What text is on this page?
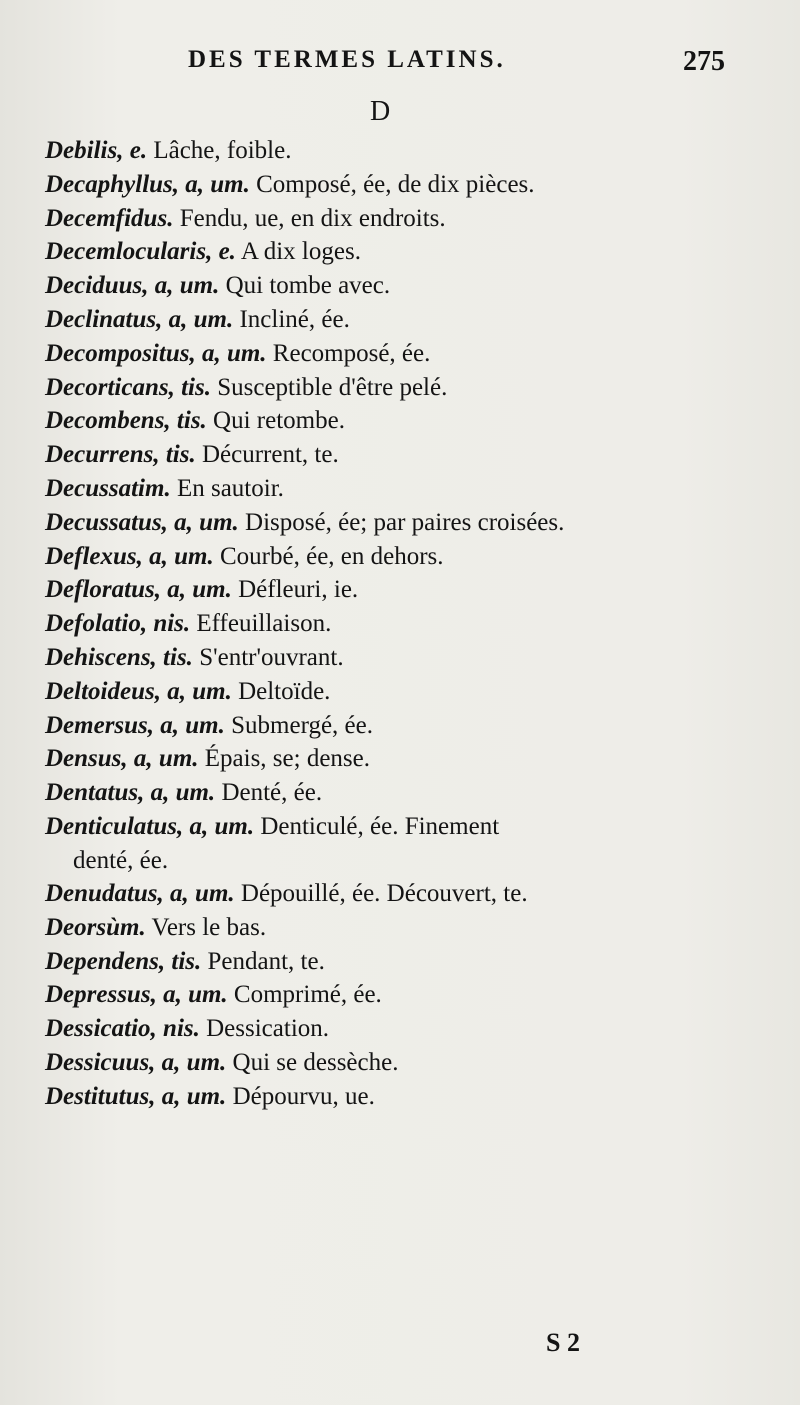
DES TERMES LATINS.	275
D
Debilis, e. Lâche, foible.
Decaphyllus, a, um. Composé, ée, de dix pièces.
Decemfidus. Fendu, ue, en dix endroits.
Decemlocularis, e. A dix loges.
Deciduus, a, um. Qui tombe avec.
Declinatus, a, um. Incliné, ée.
Decompositus, a, um. Recomposé, ée.
Decorticans, tis. Susceptible d'être pelé.
Decombens, tis. Qui retombe.
Decurrens, tis. Décurrent, te.
Decussatim. En sautoir.
Decussatus, a, um. Disposé, ée; par paires croisées.
Deflexus, a, um. Courbé, ée, en dehors.
Defloratus, a, um. Défleuri, ie.
Defolatio, nis. Effeuillaison.
Dehiscens, tis. S'entr'ouvrant.
Deltoideus, a, um. Deltoïde.
Demersus, a, um. Submergé, ée.
Densus, a, um. Épais, se; dense.
Dentatus, a, um. Denté, ée.
Denticulatus, a, um. Denticulé, ée. Finement
denté, ée.
Denudatus, a, um. Dépouillé, ée. Découvert, te.
Deorsùm. Vers le bas.
Dependens, tis. Pendant, te.
Depressus, a, um. Comprimé, ée.
Dessicatio, nis. Dessication.
Dessicuus, a, um. Qui se dessèche.
Destitutus, a, um. Dépourvu, ue.
S 2
